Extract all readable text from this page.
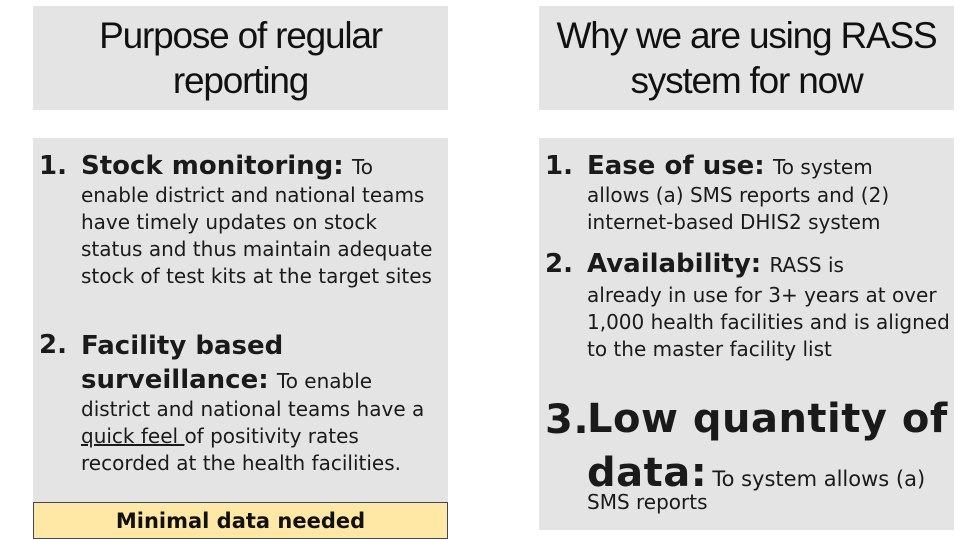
Purpose of regular reporting
Why we are using RASS system for now
1. Stock monitoring: To
enable district and national teams have timely updates on stock status and thus maintain adequate stock of test kits at the target sites
2. Facility based
surveillance: To enable
district and national teams have a quick feel of positivity rates recorded at the health facilities.
Minimal data needed
1. Ease of use: To system
allows (a) SMS reports and (2) internet-based DHIS2 system
2. Availability: RASS is
already in use for 3+ years at over 1,000 health facilities and is aligned to the master facility list
3.
Low quantity of
data: To system allows (a)
SMS reports
